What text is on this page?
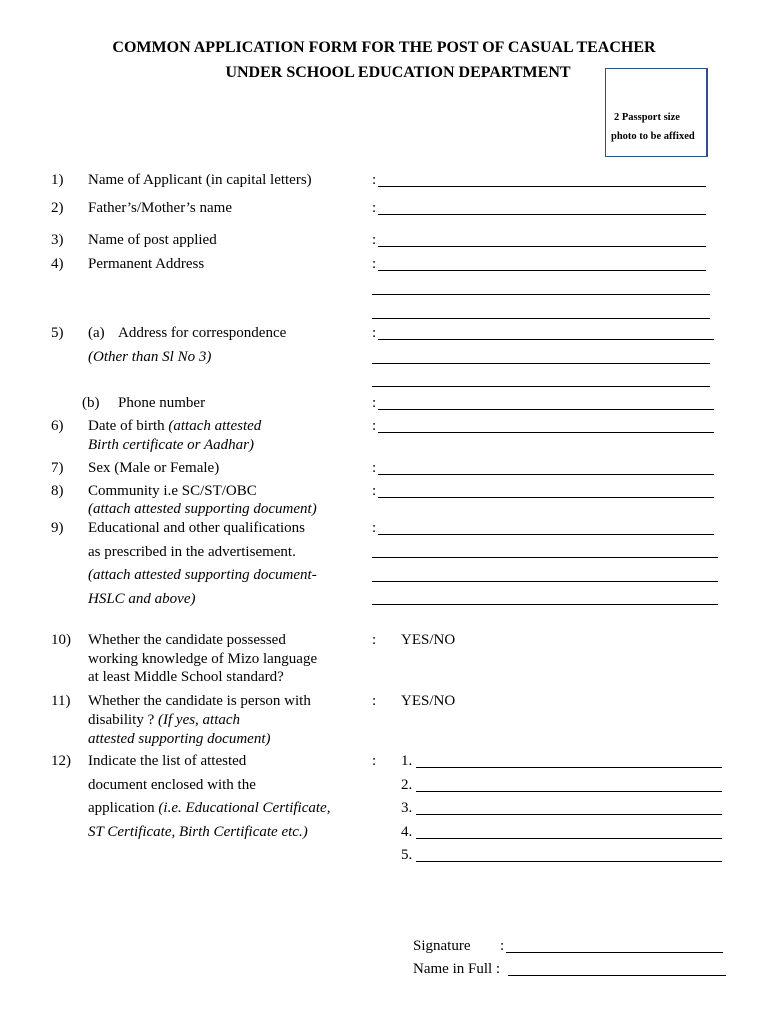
COMMON APPLICATION FORM FOR THE POST OF CASUAL TEACHER
UNDER SCHOOL EDUCATION DEPARTMENT
2 Passport size
photo to be affixed
1) Name of Applicant (in capital letters)	:
2) Father’s/Mother’s name	:
3) Name of post applied	:
4) Permanent Address	:
5) (a) Address for correspondence
(Other than Sl No 3)
:
(b) Phone number	:
6) Date of birth (attach attested
Birth certificate or Aadhar)
:
7) Sex (Male or Female)	:
8) Community i.e SC/ST/OBC
(attach attested supporting document)
:
9) Educational and other qualifications
as prescribed in the advertisement.
(attach attested supporting document-
HSLC and above)
:
10) Whether the candidate possessed
working knowledge of Mizo language
at least Middle School standard?
: YES/NO
11) Whether the candidate is person with
disability ? (If yes, attach
attested supporting document)
: YES/NO
12) Indicate the list of attested
document enclosed with the
application (i.e. Educational Certificate,
ST Certificate, Birth Certificate etc.)
: 1.
2.
3.
4.
5.
Signature :
Name in Full :
